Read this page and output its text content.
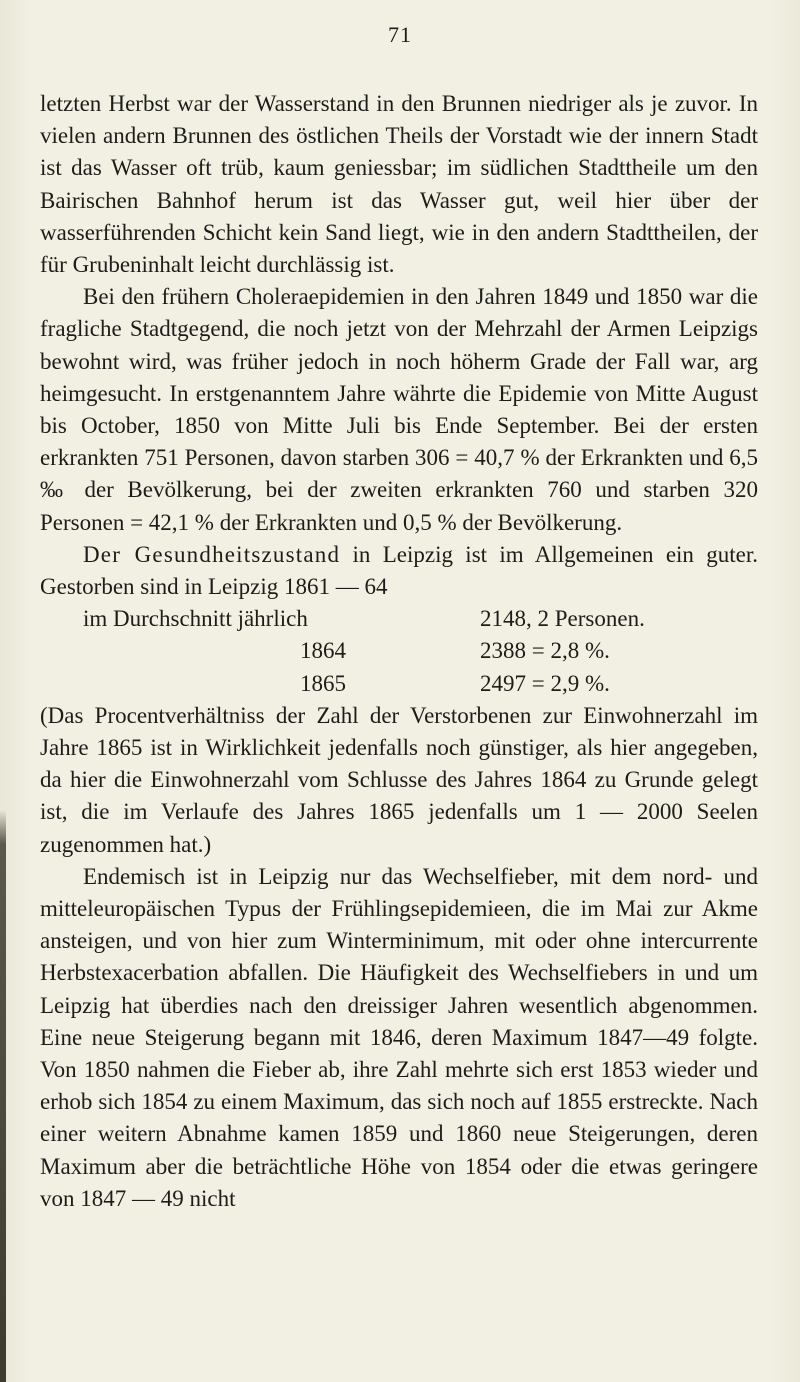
71

letzten Herbst war der Wasserstand in den Brunnen niedriger als je zuvor. In vielen andern Brunnen des östlichen Theils der Vorstadt wie der innern Stadt ist das Wasser oft trüb, kaum geniessbar; im südlichen Stadttheile um den Bairischen Bahnhof herum ist das Wasser gut, weil hier über der wasserführenden Schicht kein Sand liegt, wie in den andern Stadttheilen, der für Grubeninhalt leicht durchlässig ist.

Bei den frühern Choleraepidemien in den Jahren 1849 und 1850 war die fragliche Stadtgegend, die noch jetzt von der Mehrzahl der Armen Leipzigs bewohnt wird, was früher jedoch in noch höherm Grade der Fall war, arg heimgesucht. In erstgenanntem Jahre währte die Epidemie von Mitte August bis October, 1850 von Mitte Juli bis Ende September. Bei der ersten erkrankten 751 Personen, davon starben 306 = 40,7 % der Erkrankten und 6,5 ‰ der Bevölkerung, bei der zweiten erkrankten 760 und starben 320 Personen = 42,1 % der Erkrankten und 0,5 % der Bevölkerung.

Der Gesundheitszustand in Leipzig ist im Allgemeinen ein guter. Gestorben sind in Leipzig 1861 — 64

im Durchschnitt jährlich	2148, 2 Personen.
1864	2388 = 2,8 %.
1865	2497 = 2,9 %.

(Das Procentverhältniss der Zahl der Verstorbenen zur Einwohnerzahl im Jahre 1865 ist in Wirklichkeit jedenfalls noch günstiger, als hier angegeben, da hier die Einwohnerzahl vom Schlusse des Jahres 1864 zu Grunde gelegt ist, die im Verlaufe des Jahres 1865 jedenfalls um 1 — 2000 Seelen zugenommen hat.)

Endemisch ist in Leipzig nur das Wechselfieber, mit dem nord- und mitteleuropäischen Typus der Frühlingsepidemieen, die im Mai zur Akme ansteigen, und von hier zum Winterminimum, mit oder ohne intercurrente Herbstexacerbation abfallen. Die Häufigkeit des Wechselfiebers in und um Leipzig hat überdies nach den dreissiger Jahren wesentlich abgenommen. Eine neue Steigerung begann mit 1846, deren Maximum 1847—49 folgte. Von 1850 nahmen die Fieber ab, ihre Zahl mehrte sich erst 1853 wieder und erhob sich 1854 zu einem Maximum, das sich noch auf 1855 erstreckte. Nach einer weitern Abnahme kamen 1859 und 1860 neue Steigerungen, deren Maximum aber die beträchtliche Höhe von 1854 oder die etwas geringere von 1847 — 49 nicht
